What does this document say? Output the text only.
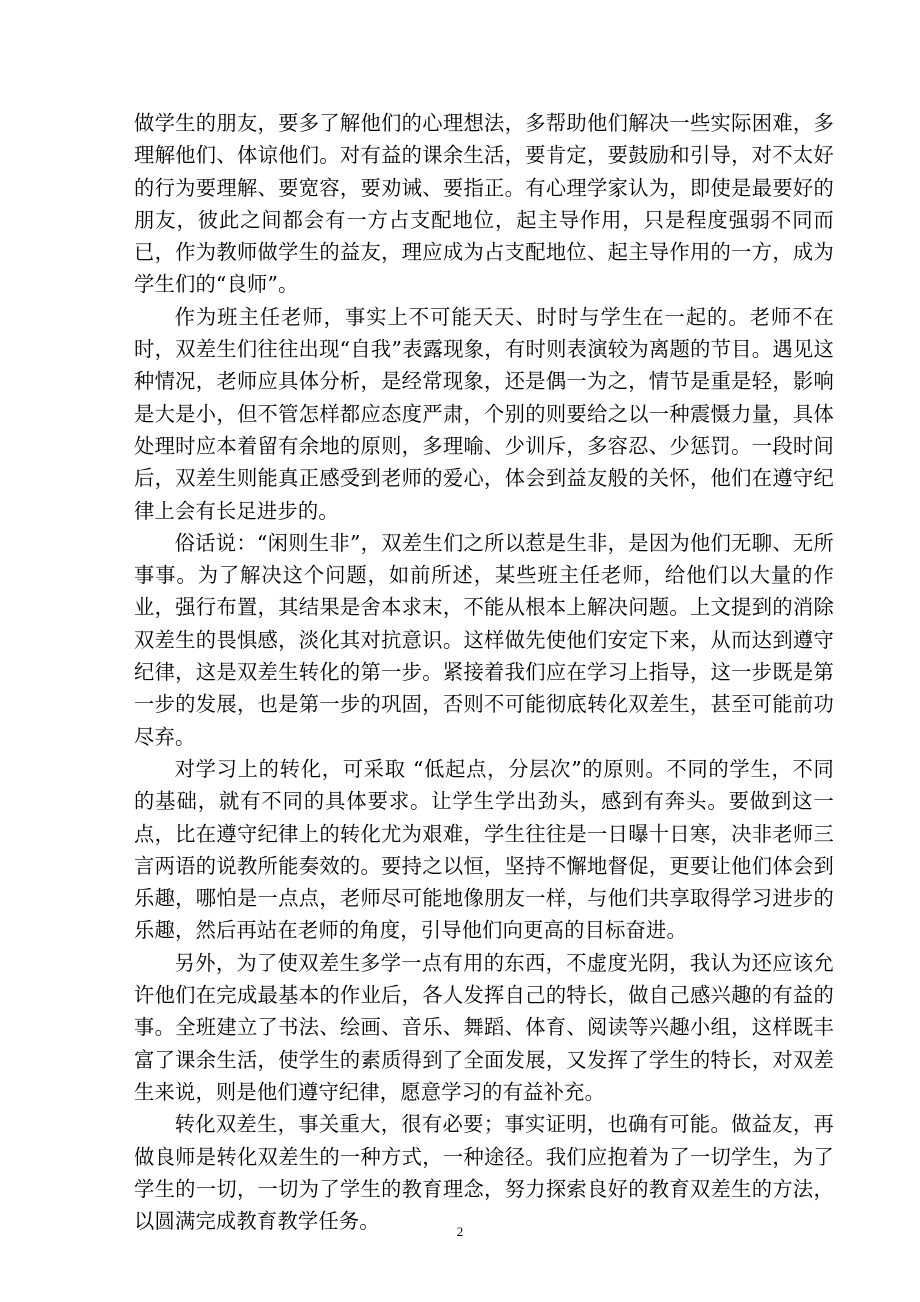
做学生的朋友，要多了解他们的心理想法，多帮助他们解决一些实际困难，多理解他们、体谅他们。对有益的课余生活，要肯定，要鼓励和引导，对不太好的行为要理解、要宽容，要劝诫、要指正。有心理学家认为，即使是最要好的朋友，彼此之间都会有一方占支配地位，起主导作用，只是程度强弱不同而已，作为教师做学生的益友，理应成为占支配地位、起主导作用的一方，成为学生们的“良师”。

作为班主任老师，事实上不可能天天、时时与学生在一起的。老师不在时，双差生们往往出现“自我”表露现象，有时则表演较为离题的节目。遇见这种情况，老师应具体分析，是经常现象，还是偶一为之，情节是重是轻，影响是大是小，但不管怎样都应态度严肃，个别的则要给之以一种震慑力量，具体处理时应本着留有余地的原则，多理喻、少训斥，多容忍、少惩罚。一段时间后，双差生则能真正感受到老师的爱心，体会到益友般的关怀，他们在遵守纪律上会有长足进步的。

俗话说：“闲则生非”，双差生们之所以惹是生非，是因为他们无聊、无所事事。为了解决这个问题，如前所述，某些班主任老师，给他们以大量的作业，强行布置，其结果是舍本求末，不能从根本上解决问题。上文提到的消除双差生的畏惧感，淡化其对抗意识。这样做先使他们安定下来，从而达到遵守纪律，这是双差生转化的第一步。紧接着我们应在学习上指导，这一步既是第一步的发展，也是第一步的巩固，否则不可能彻底转化双差生，甚至可能前功尽弃。

对学习上的转化，可采取 “低起点，分层次”的原则。不同的学生，不同的基础，就有不同的具体要求。让学生学出劲头，感到有奔头。要做到这一点，比在遵守纪律上的转化尤为艰难，学生往往是一日曝十日寒，决非老师三言两语的说教所能奏效的。要持之以恒，坚持不懈地督促，更要让他们体会到乐趣，哪怕是一点点，老师尽可能地像朋友一样，与他们共享取得学习进步的乐趣，然后再站在老师的角度，引导他们向更高的目标奋进。

另外，为了使双差生多学一点有用的东西，不虚度光阴，我认为还应该允许他们在完成最基本的作业后，各人发挥自己的特长，做自己感兴趣的有益的事。全班建立了书法、绘画、音乐、舞蹈、体育、阅读等兴趣小组，这样既丰富了课余生活，使学生的素质得到了全面发展，又发挥了学生的特长，对双差生来说，则是他们遵守纪律，愿意学习的有益补充。

转化双差生，事关重大，很有必要；事实证明，也确有可能。做益友，再做良师是转化双差生的一种方式，一种途径。我们应抱着为了一切学生，为了学生的一切，一切为了学生的教育理念，努力探索良好的教育双差生的方法，以圆满完成教育教学任务。	2
